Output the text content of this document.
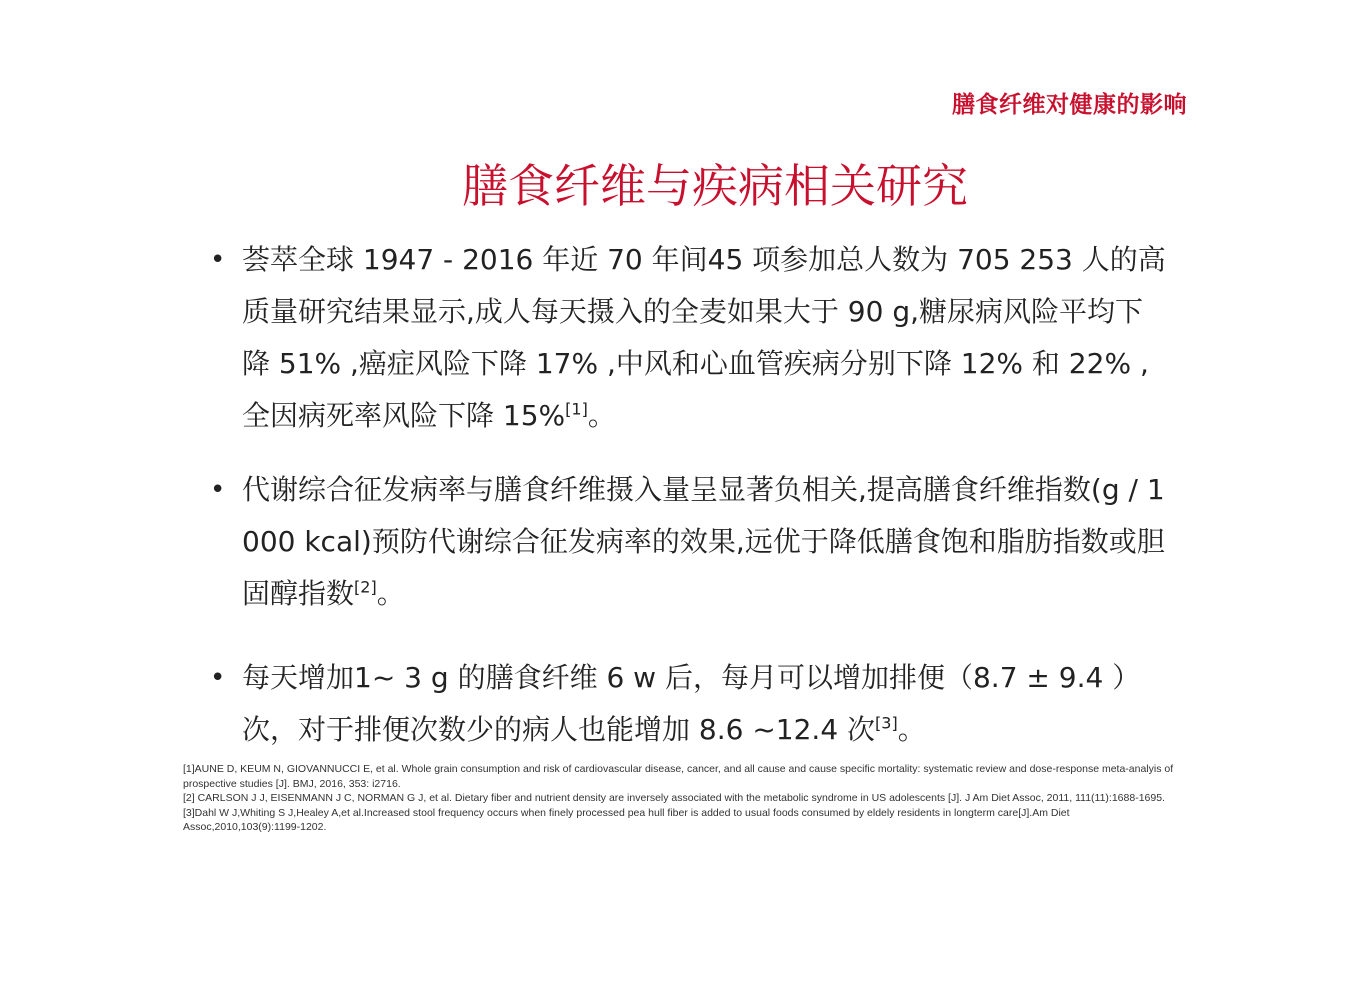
膳食纤维对健康的影响
膳食纤维与疾病相关研究
• 荟萃全球 1947 - 2016 年近 70 年间45 项参加总人数为 705 253 人的高质量研究结果显示,成人每天摄入的全麦如果大于 90 g,糖尿病风险平均下降 51% ,癌症风险下降 17% ,中风和心血管疾病分别下降 12% 和 22% ,全因病死率风险下降 15%[1]。
• 代谢综合征发病率与膳食纤维摄入量呈显著负相关,提高膳食纤维指数(g / 1 000 kcal)预防代谢综合征发病率的效果,远优于降低膳食饱和脂肪指数或胆固醇指数[2]。
• 每天增加1~ 3 g 的膳食纤维 6 w 后，每月可以增加排便（8.7 ± 9.4 ）次，对于排便次数少的病人也能增加 8.6 ~12.4 次[3]。
[1]AUNE D, KEUM N, GIOVANNUCCI E, et al. Whole grain consumption and risk of cardiovascular disease, cancer, and all cause and cause specific mortality: systematic review and dose-response meta-analyis of prospective studies [J]. BMJ, 2016, 353: i2716.
[2] CARLSON J J, EISENMANN J C, NORMAN G J, et al. Dietary fiber and nutrient density are inversely associated with the metabolic syndrome in US adolescents [J]. J Am Diet Assoc, 2011, 111(11):1688-1695.
[3]Dahl W J,Whiting S J,Healey A,et al.Increased stool frequency occurs when finely processed pea hull fiber is added to usual foods consumed by eldely residents in longterm care[J].Am Diet Assoc,2010,103(9):1199-1202.
